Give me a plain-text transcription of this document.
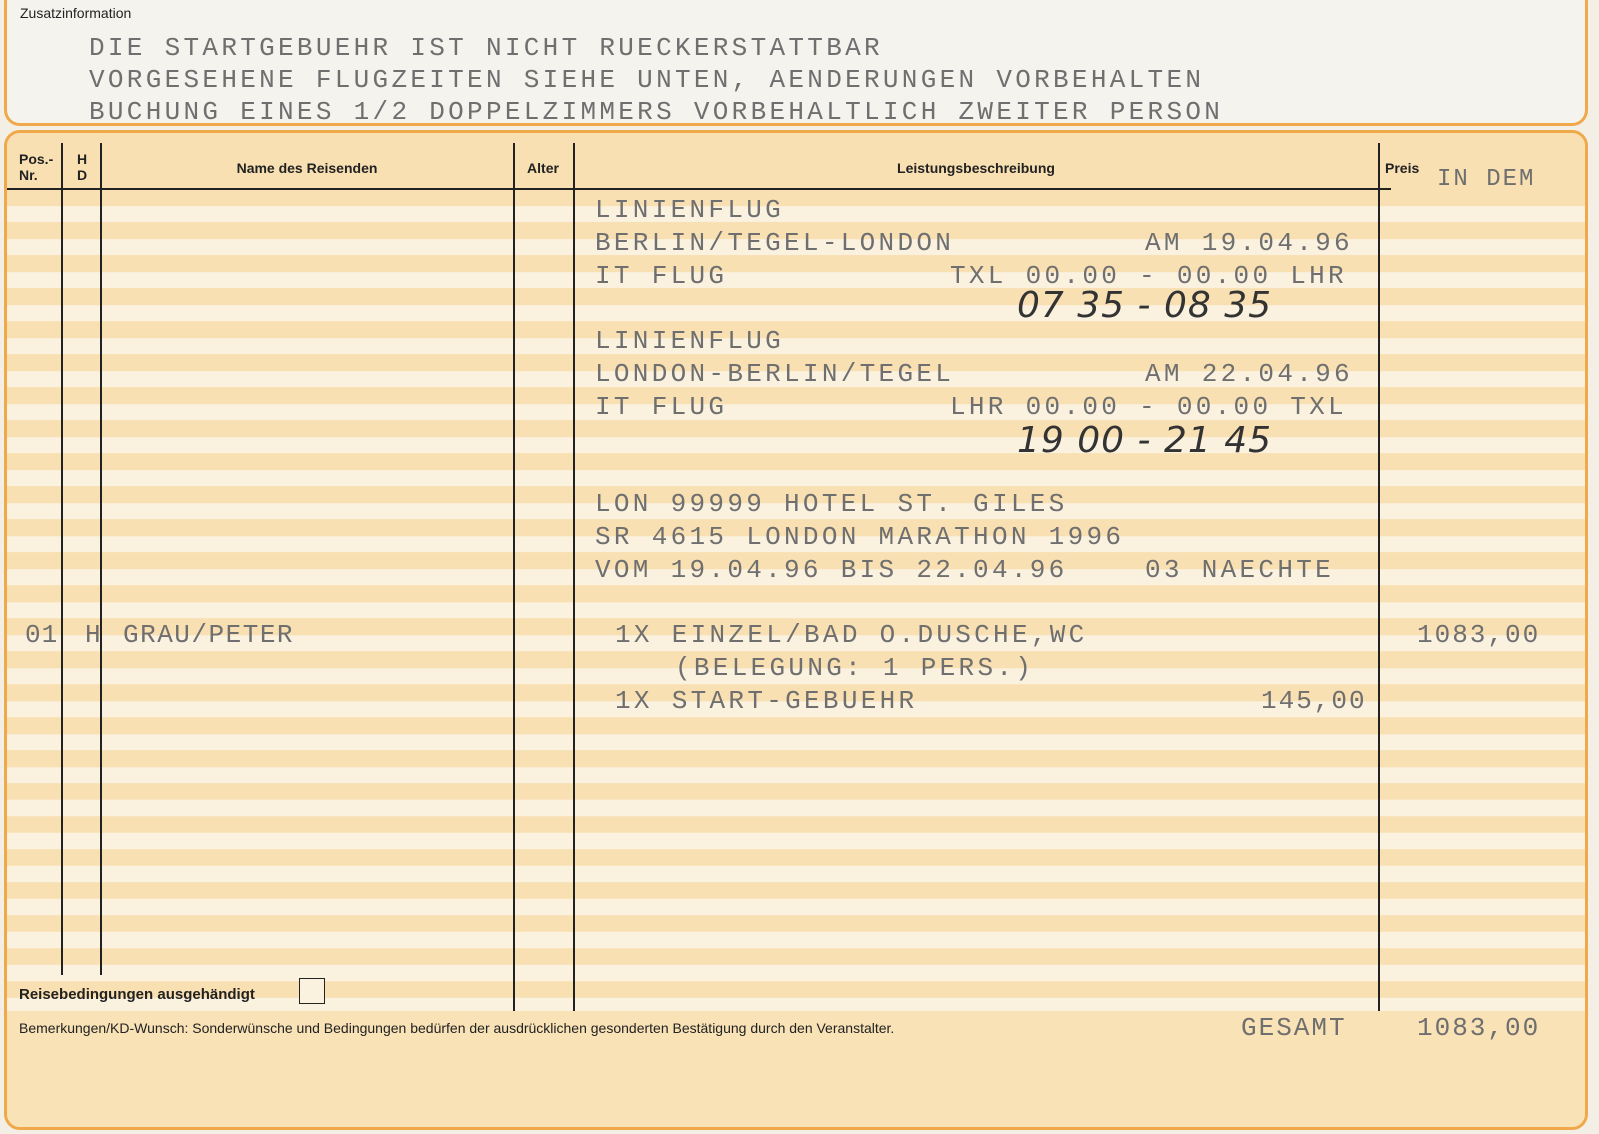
Zusatzinformation
DIE STARTGEBUEHR IST NICHT RUECKERSTATTBAR
VORGESEHENE FLUGZEITEN SIEHE UNTEN, AENDERUNGEN VORBEHALTEN
BUCHUNG EINES 1/2 DOPPELZIMMERS VORBEHALTLICH ZWEITER PERSON
Pos.-
Nr.
H
D	Name des Reisenden	Alter	Leistungsbeschreibung	Preis IN DEM
LINIENFLUG
BERLIN/TEGEL-LONDON	AM 19.04.96
IT FLUG	TXL 00.00 - 00.00 LHR
07 35 - 08 35
LINIENFLUG
LONDON-BERLIN/TEGEL	AM 22.04.96
IT FLUG	LHR 00.00 - 00.00 TXL
19 00 - 21 45
LON 99999 HOTEL ST. GILES
SR 4615 LONDON MARATHON 1996
VOM 19.04.96 BIS 22.04.96	03 NAECHTE
01 H GRAU/PETER	1X EINZEL/BAD O.DUSCHE,WC	1083,00
(BELEGUNG: 1 PERS.)
1X START-GEBUEHR	145,00
Reisebedingungen ausgehändigt
Bemerkungen/KD-Wunsch: Sonderwünsche und Bedingungen bedürfen der ausdrücklichen gesonderten Bestätigung durch den Veranstalter.	GESAMT	1083,00
